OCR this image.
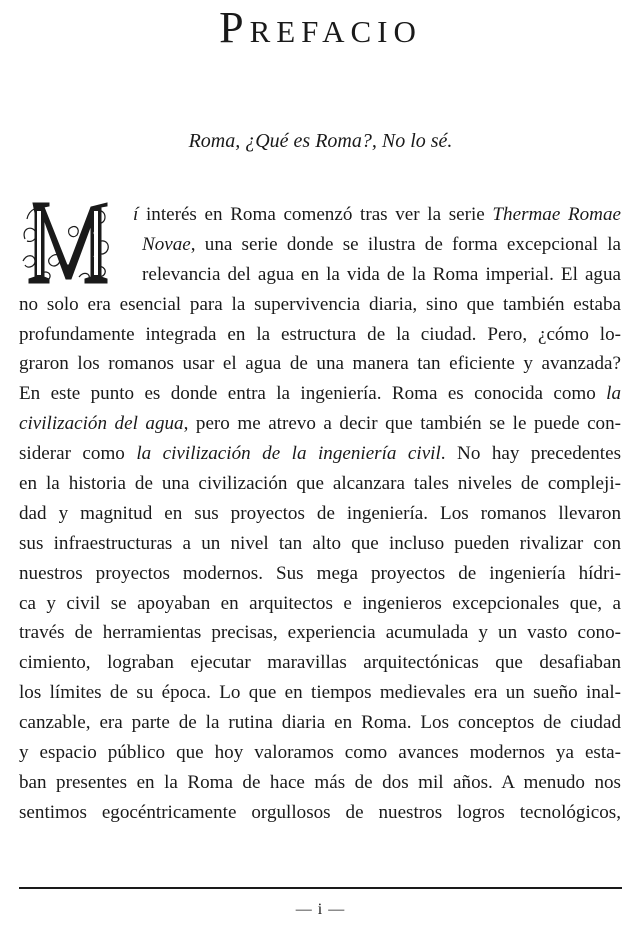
Prefacio
Roma, ¿Qué es Roma?, No lo sé.
í interés en Roma comenzó tras ver la serie Thermae Romae
Novae, una serie donde se ilustra de forma excepcional la
relevancia del agua en la vida de la Roma imperial. El agua
no solo era esencial para la supervivencia diaria, sino que también estaba
profundamente integrada en la estructura de la ciudad. Pero, ¿cómo lo-
graron los romanos usar el agua de una manera tan eficiente y avanzada?
En este punto es donde entra la ingeniería. Roma es conocida como la
civilización del agua, pero me atrevo a decir que también se le puede con-
siderar como la civilización de la ingeniería civil. No hay precedentes
en la historia de una civilización que alcanzara tales niveles de compleji-
dad y magnitud en sus proyectos de ingeniería. Los romanos llevaron
sus infraestructuras a un nivel tan alto que incluso pueden rivalizar con
nuestros proyectos modernos. Sus mega proyectos de ingeniería hídri-
ca y civil se apoyaban en arquitectos e ingenieros excepcionales que, a
través de herramientas precisas, experiencia acumulada y un vasto cono-
cimiento, lograban ejecutar maravillas arquitectónicas que desafiaban
los límites de su época. Lo que en tiempos medievales era un sueño inal-
canzable, era parte de la rutina diaria en Roma. Los conceptos de ciudad
y espacio público que hoy valoramos como avances modernos ya esta-
ban presentes en la Roma de hace más de dos mil años. A menudo nos
sentimos egocéntricamente orgullosos de nuestros logros tecnológicos,
— i —
